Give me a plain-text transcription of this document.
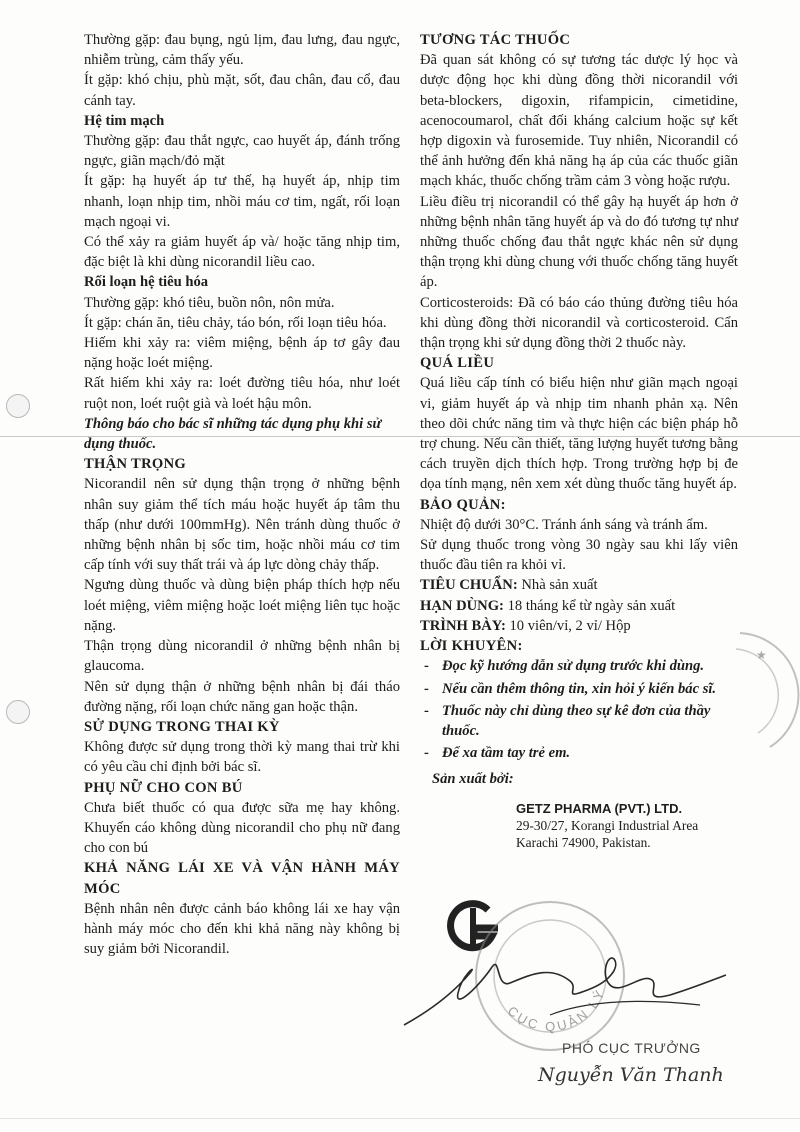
Thường gặp: đau bụng, ngủ lịm, đau lưng, đau ngực, nhiễm trùng, cảm thấy yếu.

Ít gặp: khó chịu, phù mặt, sốt, đau chân, đau cổ, đau cánh tay.

Hệ tim mạch

Thường gặp: đau thắt ngực, cao huyết áp, đánh trống ngực, giãn mạch/đỏ mặt

Ít gặp: hạ huyết áp tư thế, hạ huyết áp, nhịp tim nhanh, loạn nhịp tim, nhồi máu cơ tim, ngất, rối loạn mạch ngoại vi.

Có thể xảy ra giảm huyết áp và/ hoặc tăng nhịp tim, đặc biệt là khi dùng nicorandil liều cao.

Rối loạn hệ tiêu hóa

Thường gặp: khó tiêu, buồn nôn, nôn mửa.

Ít gặp: chán ăn, tiêu chảy, táo bón, rối loạn tiêu hóa.

Hiếm khi xảy ra: viêm miệng, bệnh áp tơ gây đau nặng hoặc loét miệng.

Rất hiếm khi xảy ra: loét đường tiêu hóa, như loét ruột non, loét ruột già và loét hậu môn.

Thông báo cho bác sĩ những tác dụng phụ khi sử dụng thuốc.

THẬN TRỌNG

Nicorandil nên sử dụng thận trọng ở những bệnh nhân suy giảm thể tích máu hoặc huyết áp tâm thu thấp (như dưới 100mmHg). Nên tránh dùng thuốc ở những bệnh nhân bị sốc tim, hoặc nhồi máu cơ tim cấp tính với suy thất trái và áp lực dòng chảy thấp.

Ngưng dùng thuốc và dùng biện pháp thích hợp nếu loét miệng, viêm miệng hoặc loét miệng liên tục hoặc nặng.

Thận trọng dùng nicorandil ở những bệnh nhân bị glaucoma.

Nên sử dụng thận ở những bệnh nhân bị đái tháo đường nặng, rối loạn chức năng gan hoặc thận.

SỬ DỤNG TRONG THAI KỲ

Không được sử dụng trong thời kỳ mang thai trừ khi có yêu cầu chỉ định bởi bác sĩ.

PHỤ NỮ CHO CON BÚ

Chưa biết thuốc có qua được sữa mẹ hay không. Khuyến cáo không dùng nicorandil cho phụ nữ đang cho con bú

KHẢ NĂNG LÁI XE VÀ VẬN HÀNH MÁY MÓC

Bệnh nhân nên được cảnh báo không lái xe hay vận hành máy móc cho đến khi khả năng này không bị suy giảm bởi Nicorandil.

TƯƠNG TÁC THUỐC

Đã quan sát không có sự tương tác dược lý học và dược động học khi dùng đồng thời nicorandil với beta-blockers, digoxin, rifampicin, cimetidine, acenocoumarol, chất đối kháng calcium hoặc sự kết hợp digoxin và furosemide. Tuy nhiên, Nicorandil có thể ảnh hưởng đến khả năng hạ áp của các thuốc giãn mạch khác, thuốc chống trầm cảm 3 vòng hoặc rượu.

Liều điều trị nicorandil có thể gây hạ huyết áp hơn ở những bệnh nhân tăng huyết áp và do đó tương tự như những thuốc chống đau thắt ngực khác nên sử dụng thận trọng khi dùng chung với thuốc chống tăng huyết áp.

Corticosteroids: Đã có báo cáo thủng đường tiêu hóa khi dùng đồng thời nicorandil và corticosteroid. Cẩn thận trọng khi sử dụng đồng thời 2 thuốc này.

QUÁ LIỀU

Quá liều cấp tính có biểu hiện như giãn mạch ngoại vi, giảm huyết áp và nhịp tim nhanh phản xạ. Nên theo dõi chức năng tim và thực hiện các biện pháp hỗ trợ chung. Nếu cần thiết, tăng lượng huyết tương bằng cách truyền dịch thích hợp. Trong trường hợp bị đe dọa tính mạng, nên xem xét dùng thuốc tăng huyết áp.

BẢO QUẢN:

Nhiệt độ dưới 30°C. Tránh ánh sáng và tránh ẩm.

Sử dụng thuốc trong vòng 30 ngày sau khi lấy viên thuốc đầu tiên ra khỏi vỉ.

TIÊU CHUẨN: Nhà sản xuất

HẠN DÙNG: 18 tháng kể từ ngày sản xuất

TRÌNH BÀY: 10 viên/vỉ, 2 vỉ/ Hộp

LỜI KHUYÊN:

- Đọc kỹ hướng dẫn sử dụng trước khi dùng.
- Nếu cần thêm thông tin, xin hỏi ý kiến bác sĩ.
- Thuốc này chỉ dùng theo sự kê đơn của thầy thuốc.
- Để xa tầm tay trẻ em.

Sản xuất bởi:

GETZ PHARMA (PVT.) LTD.
29-30/27, Korangi Industrial Area
Karachi 74900, Pakistan.
CỤC QUẢN LÝ
★
PHÓ CỤC TRƯỞNG
Nguyễn Văn Thanh
